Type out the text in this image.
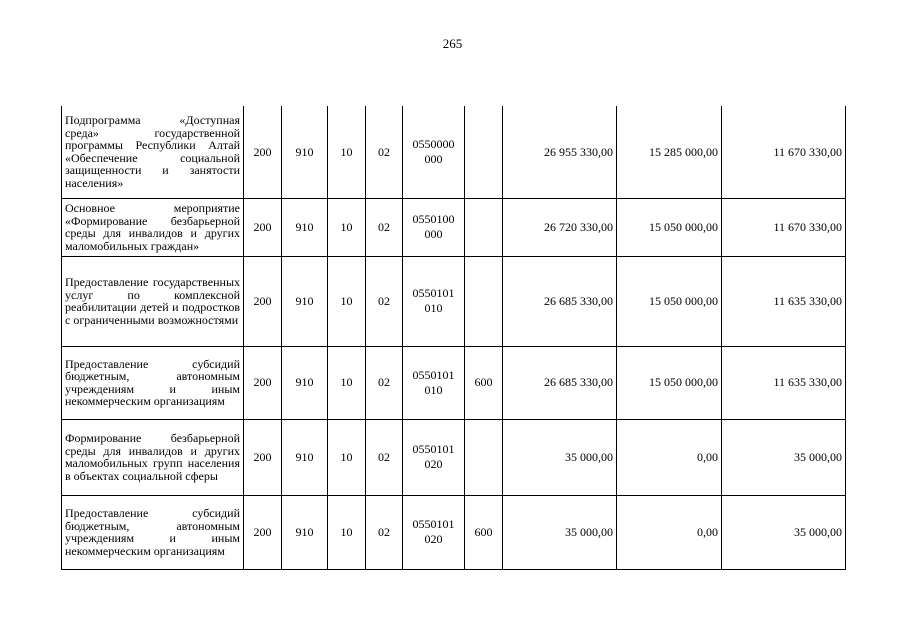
265
Подпрограмма «Доступная среда» государственной программы Республики Алтай «Обеспечение социальной защищенности и занятости населения»	200	910	10	02	0550000
000		26 955 330,00	15 285 000,00	11 670 330,00
Основное мероприятие «Формирование безбарьерной среды для инвалидов и других маломобильных граждан»	200	910	10	02	0550100
000		26 720 330,00	15 050 000,00	11 670 330,00
Предоставление государственных услуг по комплексной реабилитации детей и подростков с ограниченными возможностями	200	910	10	02	0550101
010		26 685 330,00	15 050 000,00	11 635 330,00
Предоставление субсидий бюджетным, автономным учреждениям и иным некоммерческим организациям	200	910	10	02	0550101
010	600	26 685 330,00	15 050 000,00	11 635 330,00
Формирование безбарьерной среды для инвалидов и других маломобильных групп населения в объектах социальной сферы	200	910	10	02	0550101
020		35 000,00	0,00	35 000,00
Предоставление субсидий бюджетным, автономным учреждениям и иным некоммерческим организациям	200	910	10	02	0550101
020	600	35 000,00	0,00	35 000,00
